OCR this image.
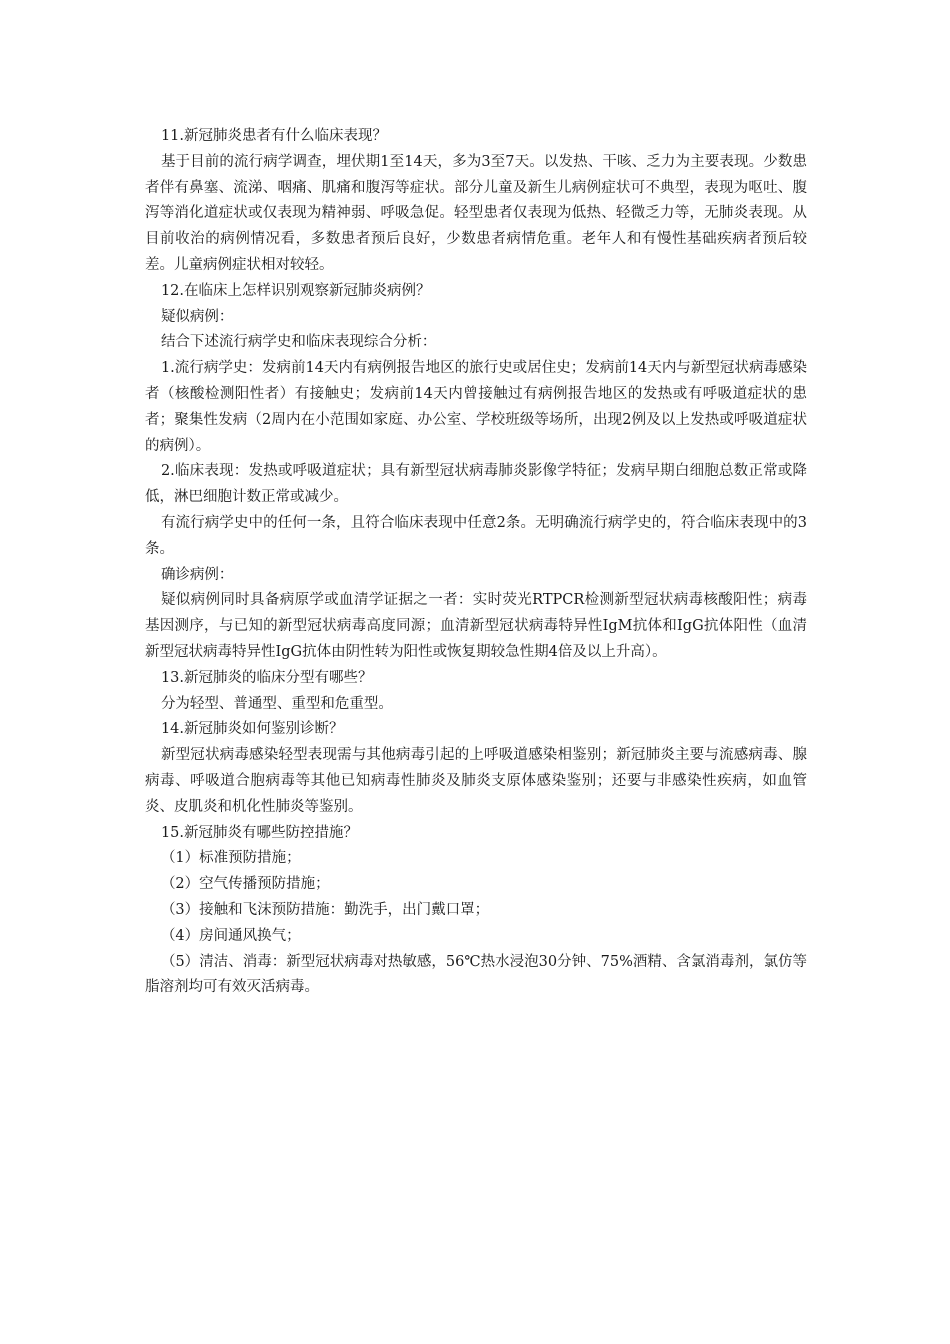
11.新冠肺炎患者有什么临床表现？

基于目前的流行病学调查，埋伏期1至14天，多为3至7天。以发热、干咳、乏力为主要表现。少数患者伴有鼻塞、流涕、咽痛、肌痛和腹泻等症状。部分儿童及新生儿病例症状可不典型，表现为呕吐、腹泻等消化道症状或仅表现为精神弱、呼吸急促。轻型患者仅表现为低热、轻微乏力等，无肺炎表现。从目前收治的病例情况看，多数患者预后良好，少数患者病情危重。老年人和有慢性基础疾病者预后较差。儿童病例症状相对较轻。

12.在临床上怎样识别观察新冠肺炎病例？

疑似病例：

结合下述流行病学史和临床表现综合分析：

1.流行病学史：发病前14天内有病例报告地区的旅行史或居住史；发病前14天内与新型冠状病毒感染者（核酸检测阳性者）有接触史；发病前14天内曾接触过有病例报告地区的发热或有呼吸道症状的患者；聚集性发病（2周内在小范围如家庭、办公室、学校班级等场所，出现2例及以上发热或呼吸道症状的病例）。

2.临床表现：发热或呼吸道症状；具有新型冠状病毒肺炎影像学特征；发病早期白细胞总数正常或降低，淋巴细胞计数正常或减少。

有流行病学史中的任何一条，且符合临床表现中任意2条。无明确流行病学史的，符合临床表现中的3条。

确诊病例：

疑似病例同时具备病原学或血清学证据之一者：实时荧光RTPCR检测新型冠状病毒核酸阳性；病毒基因测序，与已知的新型冠状病毒高度同源；血清新型冠状病毒特异性IgM抗体和IgG抗体阳性（血清新型冠状病毒特异性IgG抗体由阴性转为阳性或恢复期较急性期4倍及以上升高）。

13.新冠肺炎的临床分型有哪些？

分为轻型、普通型、重型和危重型。

14.新冠肺炎如何鉴别诊断？

新型冠状病毒感染轻型表现需与其他病毒引起的上呼吸道感染相鉴别；新冠肺炎主要与流感病毒、腺病毒、呼吸道合胞病毒等其他已知病毒性肺炎及肺炎支原体感染鉴别；还要与非感染性疾病，如血管炎、皮肌炎和机化性肺炎等鉴别。

15.新冠肺炎有哪些防控措施？

（1）标准预防措施；

（2）空气传播预防措施；

（3）接触和飞沫预防措施：勤洗手，出门戴口罩；

（4）房间通风换气；

（5）清洁、消毒：新型冠状病毒对热敏感，56℃热水浸泡30分钟、75%酒精、含氯消毒剂，氯仿等脂溶剂均可有效灭活病毒。
